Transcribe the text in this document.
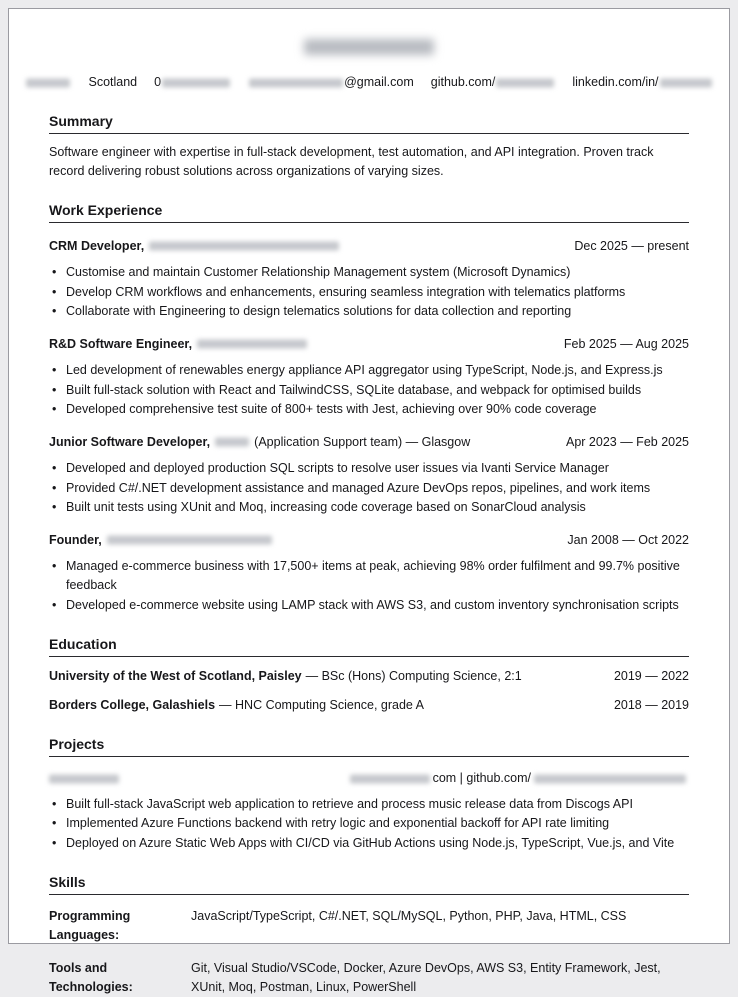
Scotland 0	@gmail.com github.com/	linkedin.com/in/
Summary
Software engineer with expertise in full-stack development, test automation, and API integration. Proven track record delivering robust solutions across organizations of varying sizes.
Work Experience
CRM Developer,	Dec 2025 — present
• Customise and maintain Customer Relationship Management system (Microsoft Dynamics)
• Develop CRM workflows and enhancements, ensuring seamless integration with telematics platforms
• Collaborate with Engineering to design telematics solutions for data collection and reporting
R&D Software Engineer,	Feb 2025 — Aug 2025
• Led development of renewables energy appliance API aggregator using TypeScript, Node.js, and Express.js
• Built full-stack solution with React and TailwindCSS, SQLite database, and webpack for optimised builds
• Developed comprehensive test suite of 800+ tests with Jest, achieving over 90% code coverage
Junior Software Developer,	(Application Support team) — Glasgow	Apr 2023 — Feb 2025
• Developed and deployed production SQL scripts to resolve user issues via Ivanti Service Manager
• Provided C#/.NET development assistance and managed Azure DevOps repos, pipelines, and work items
• Built unit tests using XUnit and Moq, increasing code coverage based on SonarCloud analysis
Founder,	Jan 2008 — Oct 2022
• Managed e-commerce business with 17,500+ items at peak, achieving 98% order fulfilment and 99.7% positive feedback
• Developed e-commerce website using LAMP stack with AWS S3, and custom inventory synchronisation scripts
Education
University of the West of Scotland, Paisley — BSc (Hons) Computing Science, 2:1	2019 — 2022
Borders College, Galashiels — HNC Computing Science, grade A	2018 — 2019
Projects
com | github.com/
• Built full-stack JavaScript web application to retrieve and process music release data from Discogs API
• Implemented Azure Functions backend with retry logic and exponential backoff for API rate limiting
• Deployed on Azure Static Web Apps with CI/CD via GitHub Actions using Node.js, TypeScript, Vue.js, and Vite
Skills
Programming Languages:
JavaScript/TypeScript, C#/.NET, SQL/MySQL, Python, PHP, Java, HTML, CSS
Tools and Technologies:
Git, Visual Studio/VSCode, Docker, Azure DevOps, AWS S3, Entity Framework, Jest, XUnit, Moq, Postman, Linux, PowerShell
